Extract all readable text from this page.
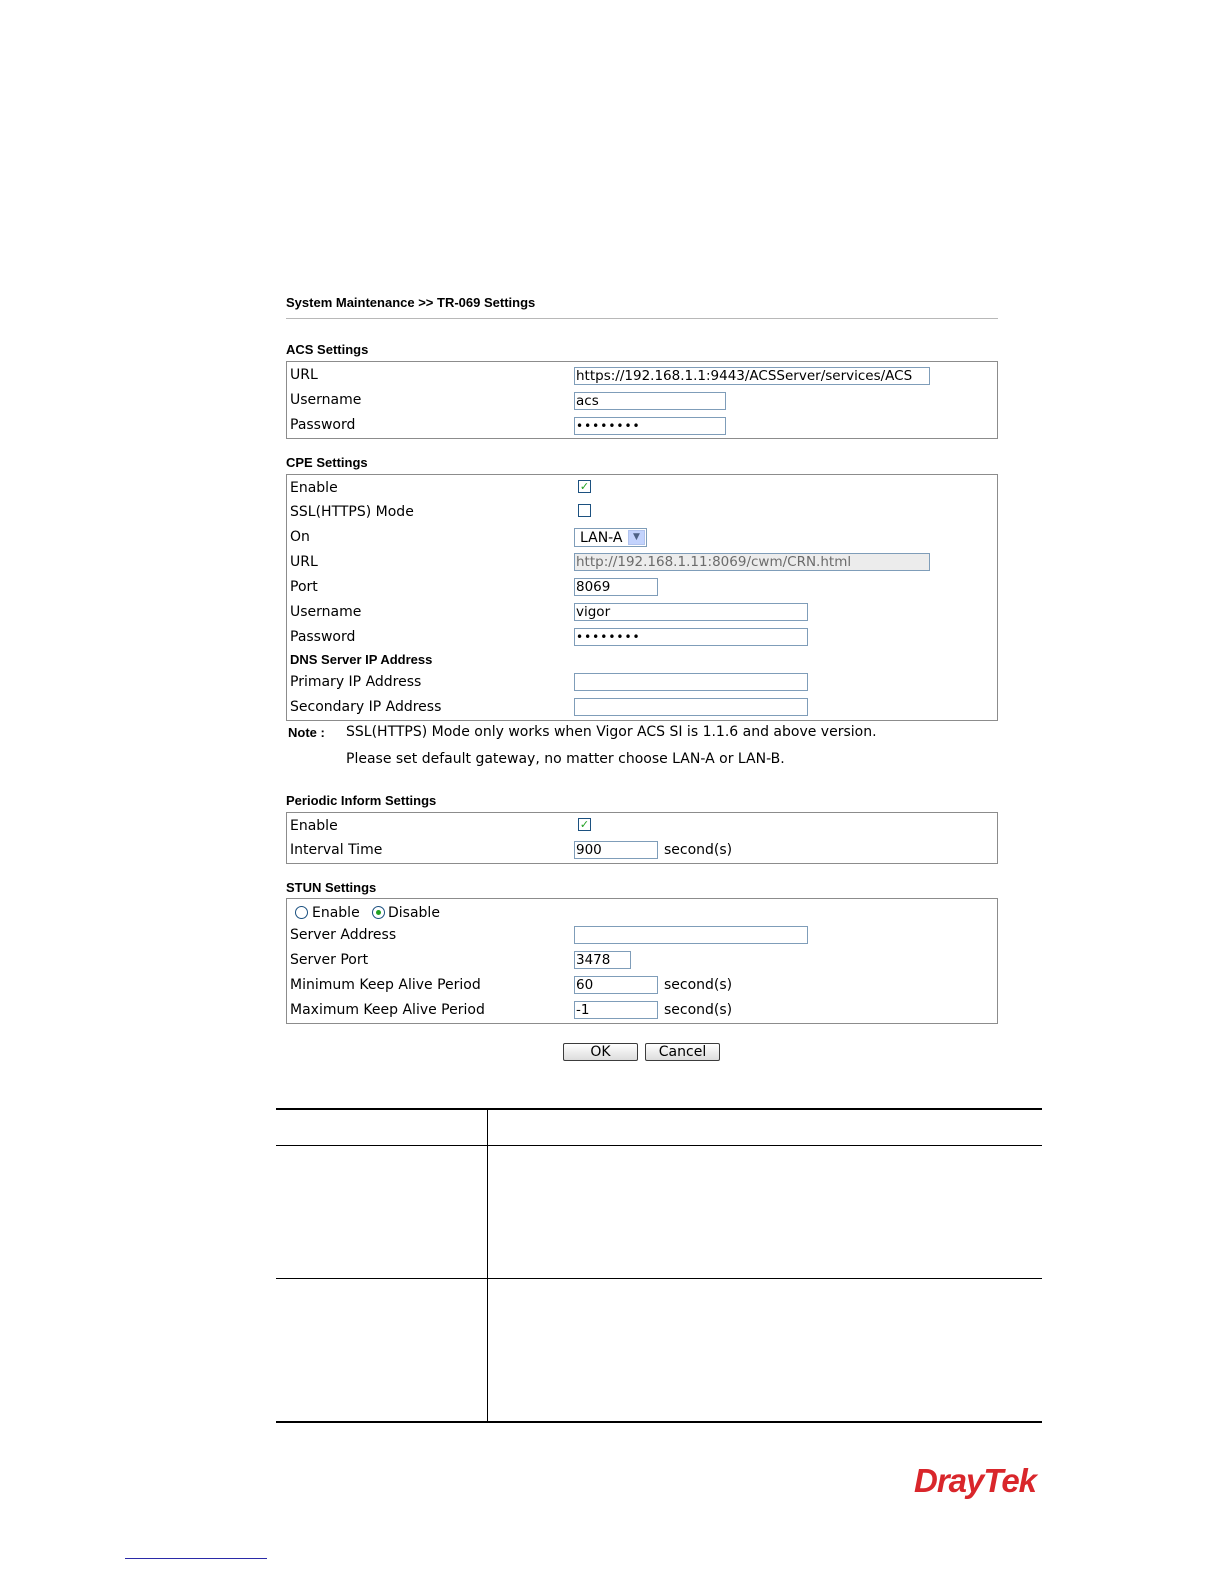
System Maintenance >> TR-069 Settings
ACS Settings
URL	https://192.168.1.1:9443/ACSServer/services/ACS
Username	acs
Password	••••••••
CPE Settings
Enable	✓
SSL(HTTPS) Mode
On	LAN-A	▼
URL	http://192.168.1.11:8069/cwm/CRN.html
Port	8069
Username	vigor
Password	••••••••
DNS Server IP Address
Primary IP Address
Secondary IP Address
Note : SSL(HTTPS) Mode only works when Vigor ACS SI is 1.1.6 and above version.
Please set default gateway, no matter choose LAN-A or LAN-B.
Periodic Inform Settings
Enable	✓
Interval Time	900	second(s)
STUN Settings
Enable Disable
Server Address
Server Port	3478
Minimum Keep Alive Period	60	second(s)
Maximum Keep Alive Period	-1	second(s)
OK	Cancel
DrayTek
